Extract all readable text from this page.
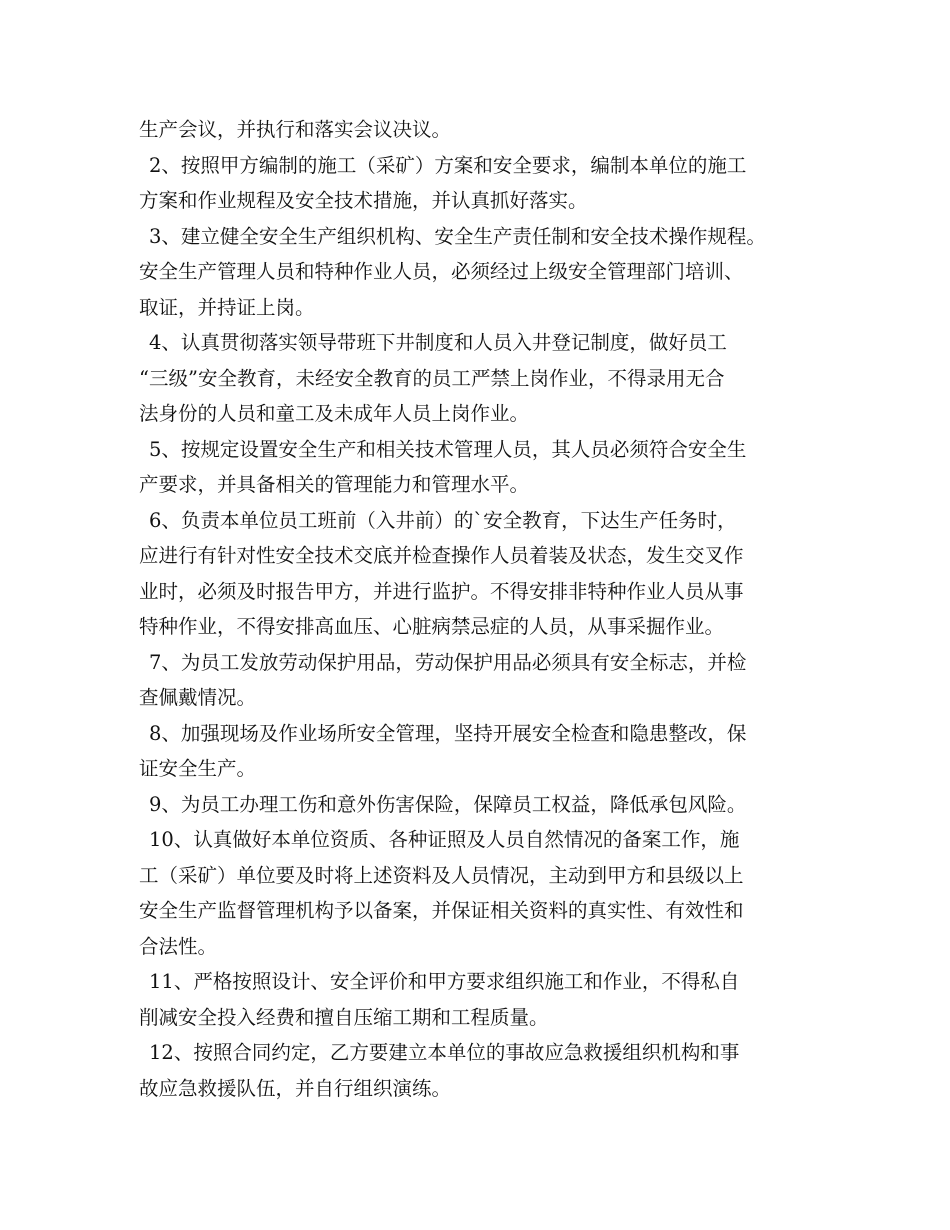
生产会议，并执行和落实会议决议。
2、按照甲方编制的施工（采矿）方案和安全要求，编制本单位的施工
方案和作业规程及安全技术措施，并认真抓好落实。
3、建立健全安全生产组织机构、安全生产责任制和安全技术操作规程。
安全生产管理人员和特种作业人员，必须经过上级安全管理部门培训、
取证，并持证上岗。
4、认真贯彻落实领导带班下井制度和人员入井登记制度，做好员工
“三级”安全教育，未经安全教育的员工严禁上岗作业，不得录用无合
法身份的人员和童工及未成年人员上岗作业。
5、按规定设置安全生产和相关技术管理人员，其人员必须符合安全生
产要求，并具备相关的管理能力和管理水平。
6、负责本单位员工班前（入井前）的`安全教育，下达生产任务时，
应进行有针对性安全技术交底并检查操作人员着装及状态，发生交叉作
业时，必须及时报告甲方，并进行监护。不得安排非特种作业人员从事
特种作业，不得安排高血压、心脏病禁忌症的人员，从事采掘作业。
7、为员工发放劳动保护用品，劳动保护用品必须具有安全标志，并检
查佩戴情况。
8、加强现场及作业场所安全管理，坚持开展安全检查和隐患整改，保
证安全生产。
9、为员工办理工伤和意外伤害保险，保障员工权益，降低承包风险。
10、认真做好本单位资质、各种证照及人员自然情况的备案工作，施
工（采矿）单位要及时将上述资料及人员情况，主动到甲方和县级以上
安全生产监督管理机构予以备案，并保证相关资料的真实性、有效性和
合法性。
11、严格按照设计、安全评价和甲方要求组织施工和作业，不得私自
削减安全投入经费和擅自压缩工期和工程质量。
12、按照合同约定，乙方要建立本单位的事故应急救援组织机构和事
故应急救援队伍，并自行组织演练。
